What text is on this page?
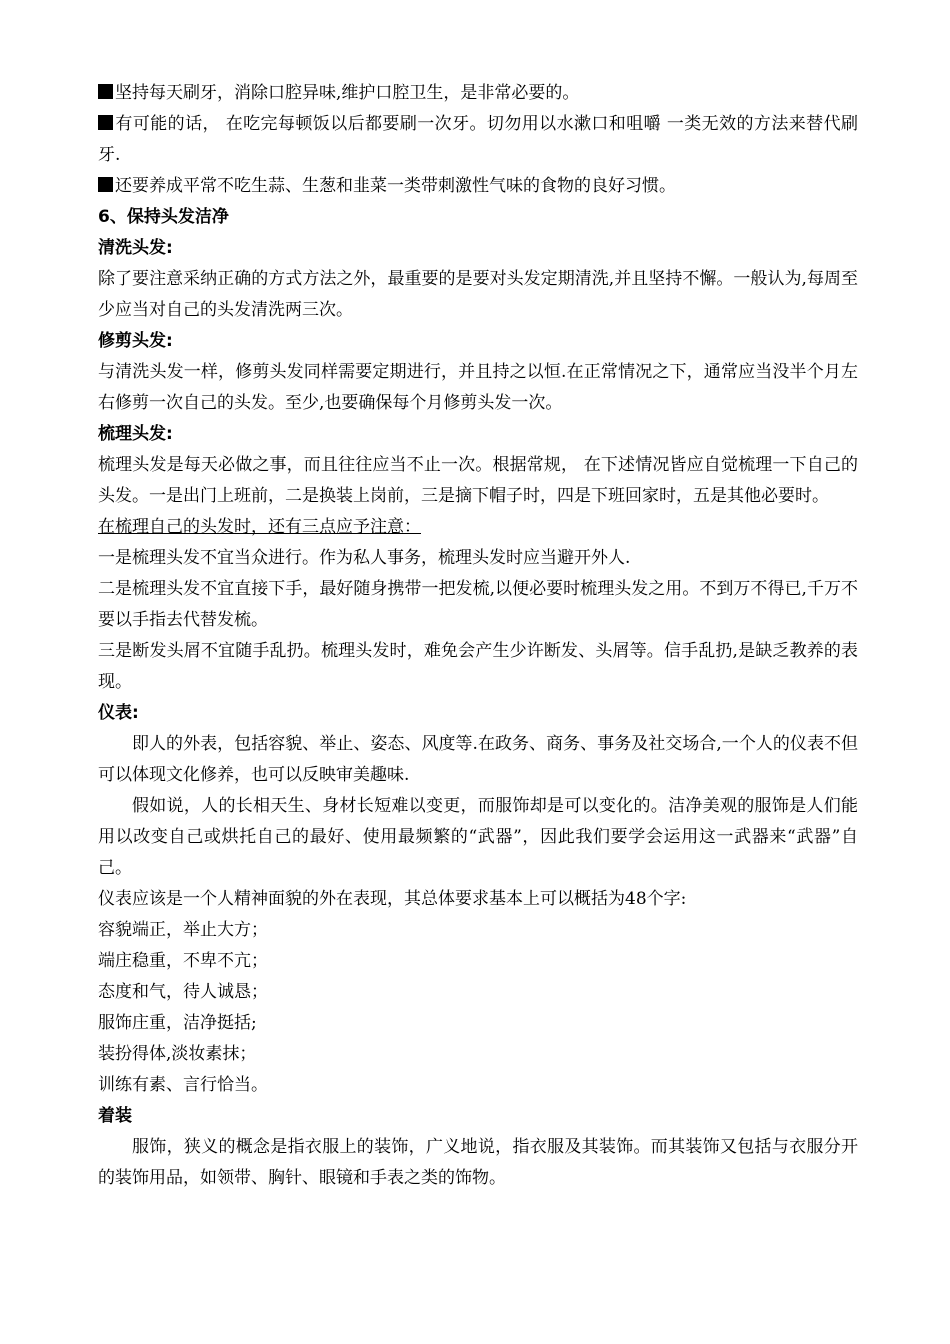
坚持每天刷牙，消除口腔异味,维护口腔卫生，是非常必要的。

有可能的话， 在吃完每顿饭以后都要刷一次牙。切勿用以水漱口和咀嚼 一类无效的方法来替代刷牙.

还要养成平常不吃生蒜、生葱和韭菜一类带刺激性气味的食物的良好习惯。

6、保持头发洁净

清洗头发:

除了要注意采纳正确的方式方法之外，最重要的是要对头发定期清洗,并且坚持不懈。一般认为,每周至少应当对自己的头发清洗两三次。

修剪头发:

与清洗头发一样，修剪头发同样需要定期进行，并且持之以恒.在正常情况之下，通常应当没半个月左右修剪一次自己的头发。至少,也要确保每个月修剪头发一次。

梳理头发:

梳理头发是每天必做之事，而且往往应当不止一次。根据常规， 在下述情况皆应自觉梳理一下自己的头发。一是出门上班前，二是换装上岗前，三是摘下帽子时，四是下班回家时，五是其他必要时。

在梳理自己的头发时，还有三点应予注意：

一是梳理头发不宜当众进行。作为私人事务，梳理头发时应当避开外人.

二是梳理头发不宜直接下手，最好随身携带一把发梳,以便必要时梳理头发之用。不到万不得已,千万不要以手指去代替发梳。

三是断发头屑不宜随手乱扔。梳理头发时，难免会产生少许断发、头屑等。信手乱扔,是缺乏教养的表现。

仪表:

即人的外表，包括容貌、举止、姿态、风度等.在政务、商务、事务及社交场合,一个人的仪表不但可以体现文化修养，也可以反映审美趣味.

假如说，人的长相天生、身材长短难以变更，而服饰却是可以变化的。洁净美观的服饰是人们能用以改变自己或烘托自己的最好、使用最频繁的“武器”，因此我们要学会运用这一武器来“武器”自己。

仪表应该是一个人精神面貌的外在表现，其总体要求基本上可以概括为48个字:

容貌端正，举止大方；

端庄稳重，不卑不亢；

态度和气，待人诚恳；

服饰庄重，洁净挺括;

装扮得体,淡妆素抹；

训练有素、言行恰当。

着装

服饰，狭义的概念是指衣服上的装饰，广义地说，指衣服及其装饰。而其装饰又包括与衣服分开的装饰用品，如领带、胸针、眼镜和手表之类的饰物。
